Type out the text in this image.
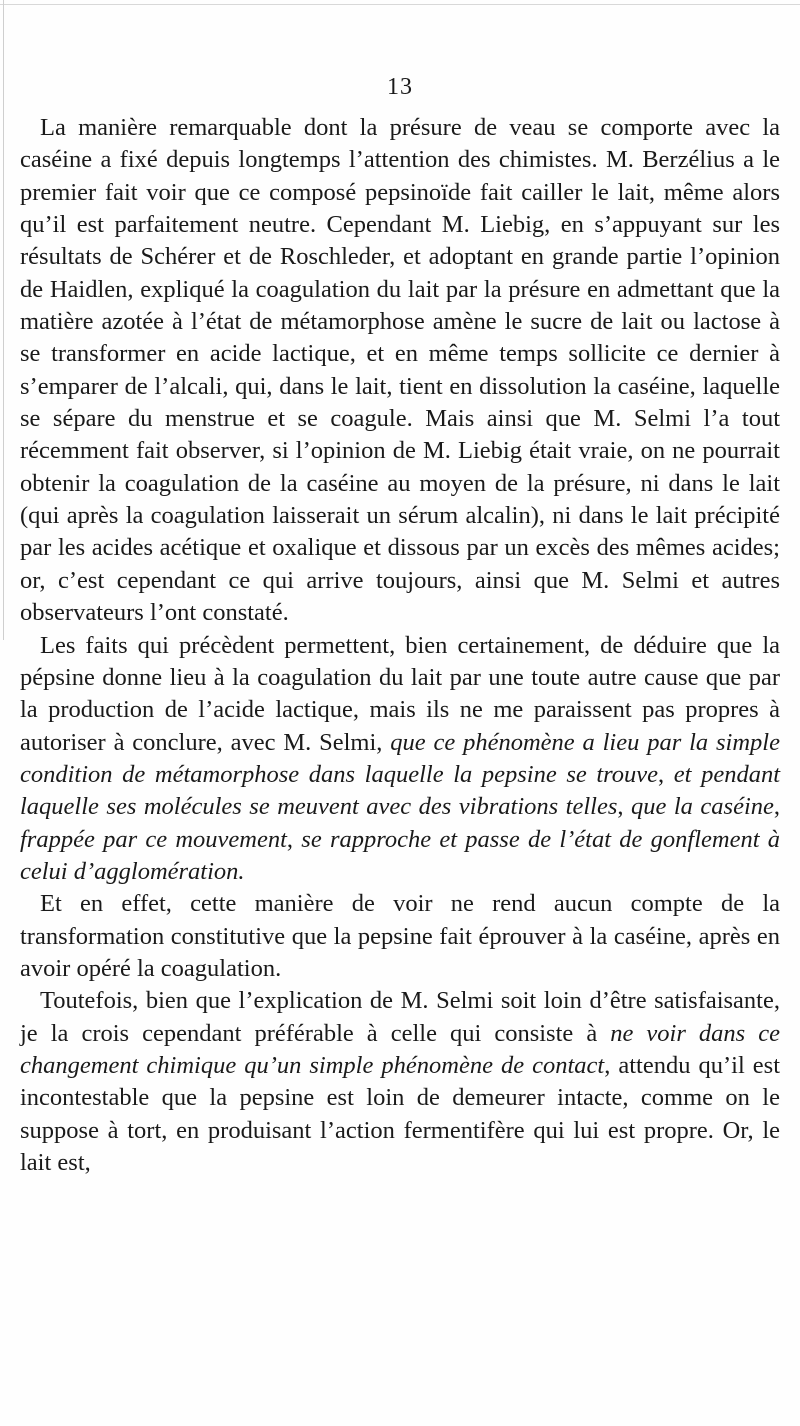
13

La manière remarquable dont la présure de veau se comporte avec la caséine a fixé depuis longtemps l’attention des chimistes. M. Berzélius a le premier fait voir que ce composé pepsinoïde fait cailler le lait, même alors qu’il est parfaitement neutre. Cependant M. Liebig, en s’appuyant sur les résultats de Schérer et de Roschleder, et adoptant en grande partie l’opinion de Haidlen, expliqué la coagulation du lait par la présure en admettant que la matière azotée à l’état de métamorphose amène le sucre de lait ou lactose à se transformer en acide lactique, et en même temps sollicite ce dernier à s’emparer de l’alcali, qui, dans le lait, tient en dissolution la caséine, laquelle se sépare du menstrue et se coagule. Mais ainsi que M. Selmi l’a tout récemment fait observer, si l’opinion de M. Liebig était vraie, on ne pourrait obtenir la coagulation de la caséine au moyen de la présure, ni dans le lait (qui après la coagulation laisserait un sérum alcalin), ni dans le lait précipité par les acides acétique et oxalique et dissous par un excès des mêmes acides; or, c’est cependant ce qui arrive toujours, ainsi que M. Selmi et autres observateurs l’ont constaté.

Les faits qui précèdent permettent, bien certainement, de déduire que la pépsine donne lieu à la coagulation du lait par une toute autre cause que par la production de l’acide lactique, mais ils ne me paraissent pas propres à autoriser à conclure, avec M. Selmi, que ce phénomène a lieu par la simple condition de métamorphose dans laquelle la pepsine se trouve, et pendant laquelle ses molécules se meuvent avec des vibrations telles, que la caséine, frappée par ce mouvement, se rapproche et passe de l’état de gonflement à celui d’agglomération.

Et en effet, cette manière de voir ne rend aucun compte de la transformation constitutive que la pepsine fait éprouver à la caséine, après en avoir opéré la coagulation.

Toutefois, bien que l’explication de M. Selmi soit loin d’être satisfaisante, je la crois cependant préférable à celle qui consiste à ne voir dans ce changement chimique qu’un simple phénomène de contact, attendu qu’il est incontestable que la pepsine est loin de demeurer intacte, comme on le suppose à tort, en produisant l’action fermentifère qui lui est propre. Or, le lait est,
